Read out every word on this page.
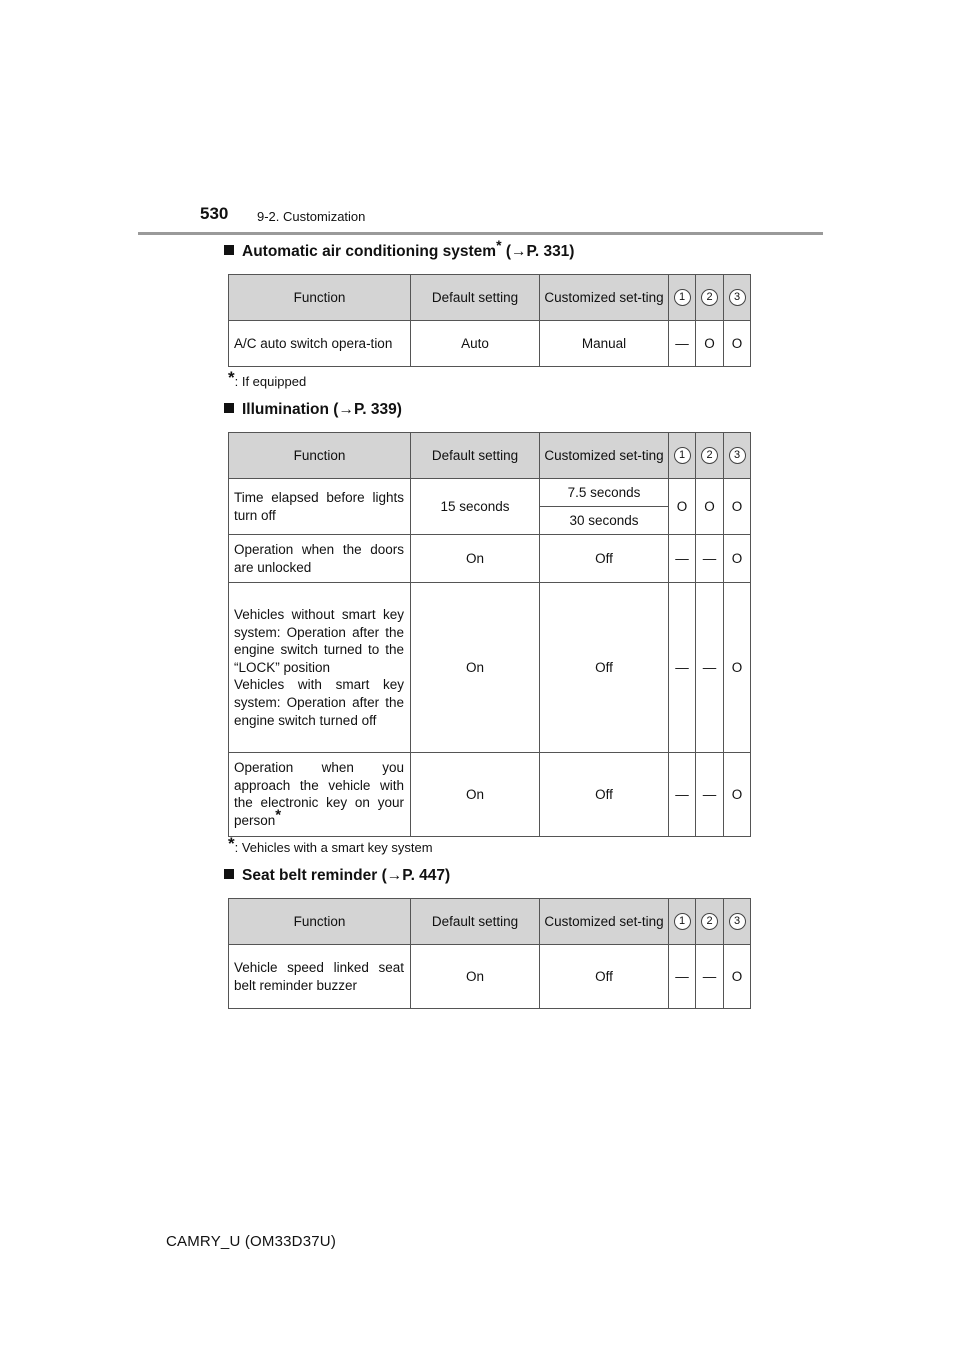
530 9-2. Customization
Automatic air conditioning system* (→P. 331)
Function	Default setting	Customized set-ting	1	2	3
A/C auto switch opera-tion	Auto	Manual	—	O	O
*: If equipped
Illumination (→P. 339)
Function	Default setting	Customized set-ting	1	2	3
Time elapsed before lights turn off	15 seconds	7.5 seconds	O	O	O
		30 seconds			
Operation when the doors are unlocked	On	Off	—	—	O

Vehicles without smart key system: Operation after the engine switch turned to the “LOCK” position
Vehicles with smart key system: Operation after the engine switch turned off	On	Off	—	—	O
Operation when you approach the vehicle with the electronic key on your person*	On	Off	—	—	O
*: Vehicles with a smart key system
Seat belt reminder (→P. 447)
Function	Default setting	Customized set-ting	1	2	3
Vehicle speed linked seat belt reminder buzzer	On	Off	—	—	O
CAMRY_U (OM33D37U)
